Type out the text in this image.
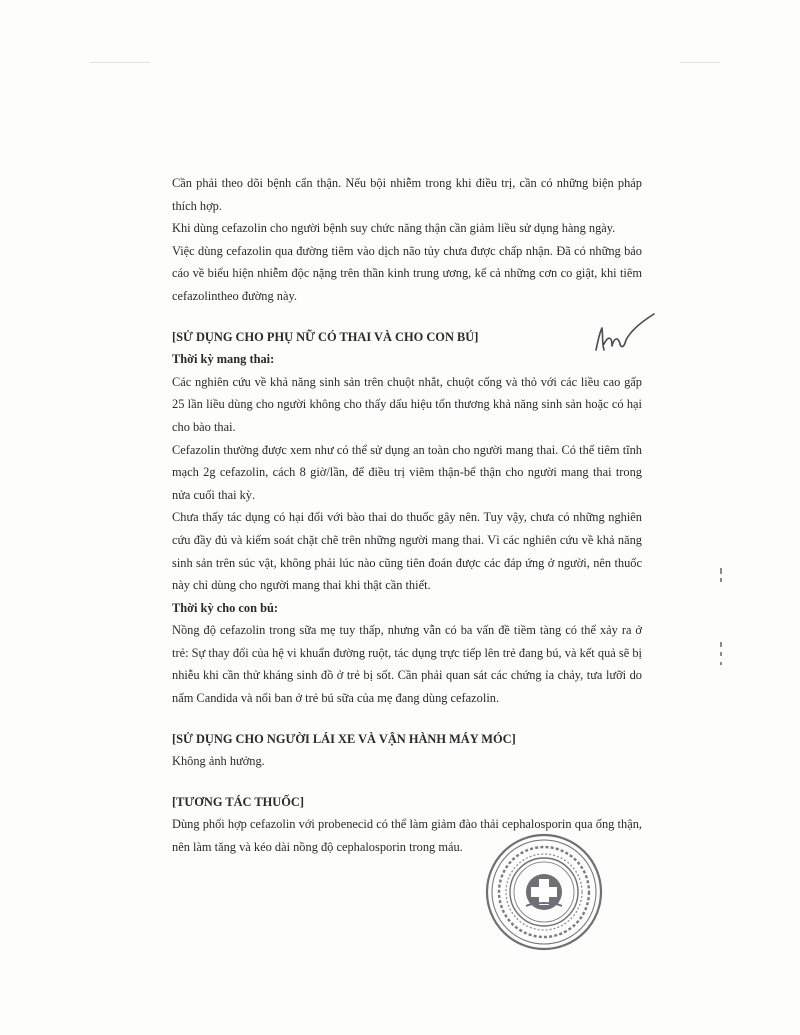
Cần phải theo dõi bệnh cẩn thận. Nếu bội nhiễm trong khi điều trị, cần có những biện pháp thích hợp.

Khi dùng cefazolin cho người bệnh suy chức năng thận cần giảm liều sử dụng hàng ngày.

Việc dùng cefazolin qua đường tiêm vào dịch não tủy chưa được chấp nhận. Đã có những báo cáo về biểu hiện nhiễm độc nặng trên thần kinh trung ương, kể cả những cơn co giật, khi tiêm cefazolintheo đường này.

[SỬ DỤNG CHO PHỤ NỮ CÓ THAI VÀ CHO CON BÚ]

Thời kỳ mang thai:

Các nghiên cứu về khả năng sinh sản trên chuột nhắt, chuột cống và thỏ với các liều cao gấp 25 lần liều dùng cho người không cho thấy dấu hiệu tổn thương khả năng sinh sản hoặc có hại cho bào thai.

Cefazolin thường được xem như có thể sử dụng an toàn cho người mang thai. Có thể tiêm tĩnh mạch 2g cefazolin, cách 8 giờ/lần, để điều trị viêm thận-bể thận cho người mang thai trong nửa cuối thai kỳ.

Chưa thấy tác dụng có hại đối với bào thai do thuốc gây nên. Tuy vậy, chưa có những nghiên cứu đầy đủ và kiểm soát chặt chẽ trên những người mang thai. Vì các nghiên cứu về khả năng sinh sản trên súc vật, không phải lúc nào cũng tiên đoán được các đáp ứng ở người, nên thuốc này chỉ dùng cho người mang thai khi thật cần thiết.

Thời kỳ cho con bú:

Nồng độ cefazolin trong sữa mẹ tuy thấp, nhưng vẫn có ba vấn đề tiềm tàng có thể xảy ra ở trẻ: Sự thay đổi của hệ vi khuẩn đường ruột, tác dụng trực tiếp lên trẻ đang bú, và kết quả sẽ bị nhiễu khi cần thử kháng sinh đồ ở trẻ bị sốt. Cần phải quan sát các chứng ỉa chảy, tưa lưỡi do nấm Candida và nổi ban ở trẻ bú sữa của mẹ đang dùng cefazolin.

[SỬ DỤNG CHO NGƯỜI LÁI XE VÀ VẬN HÀNH MÁY MÓC]

Không ảnh hưởng.

[TƯƠNG TÁC THUỐC]

Dùng phối hợp cefazolin với probenecid có thể làm giảm đào thải cephalosporin qua ống thận, nên làm tăng và kéo dài nồng độ cephalosporin trong máu.
